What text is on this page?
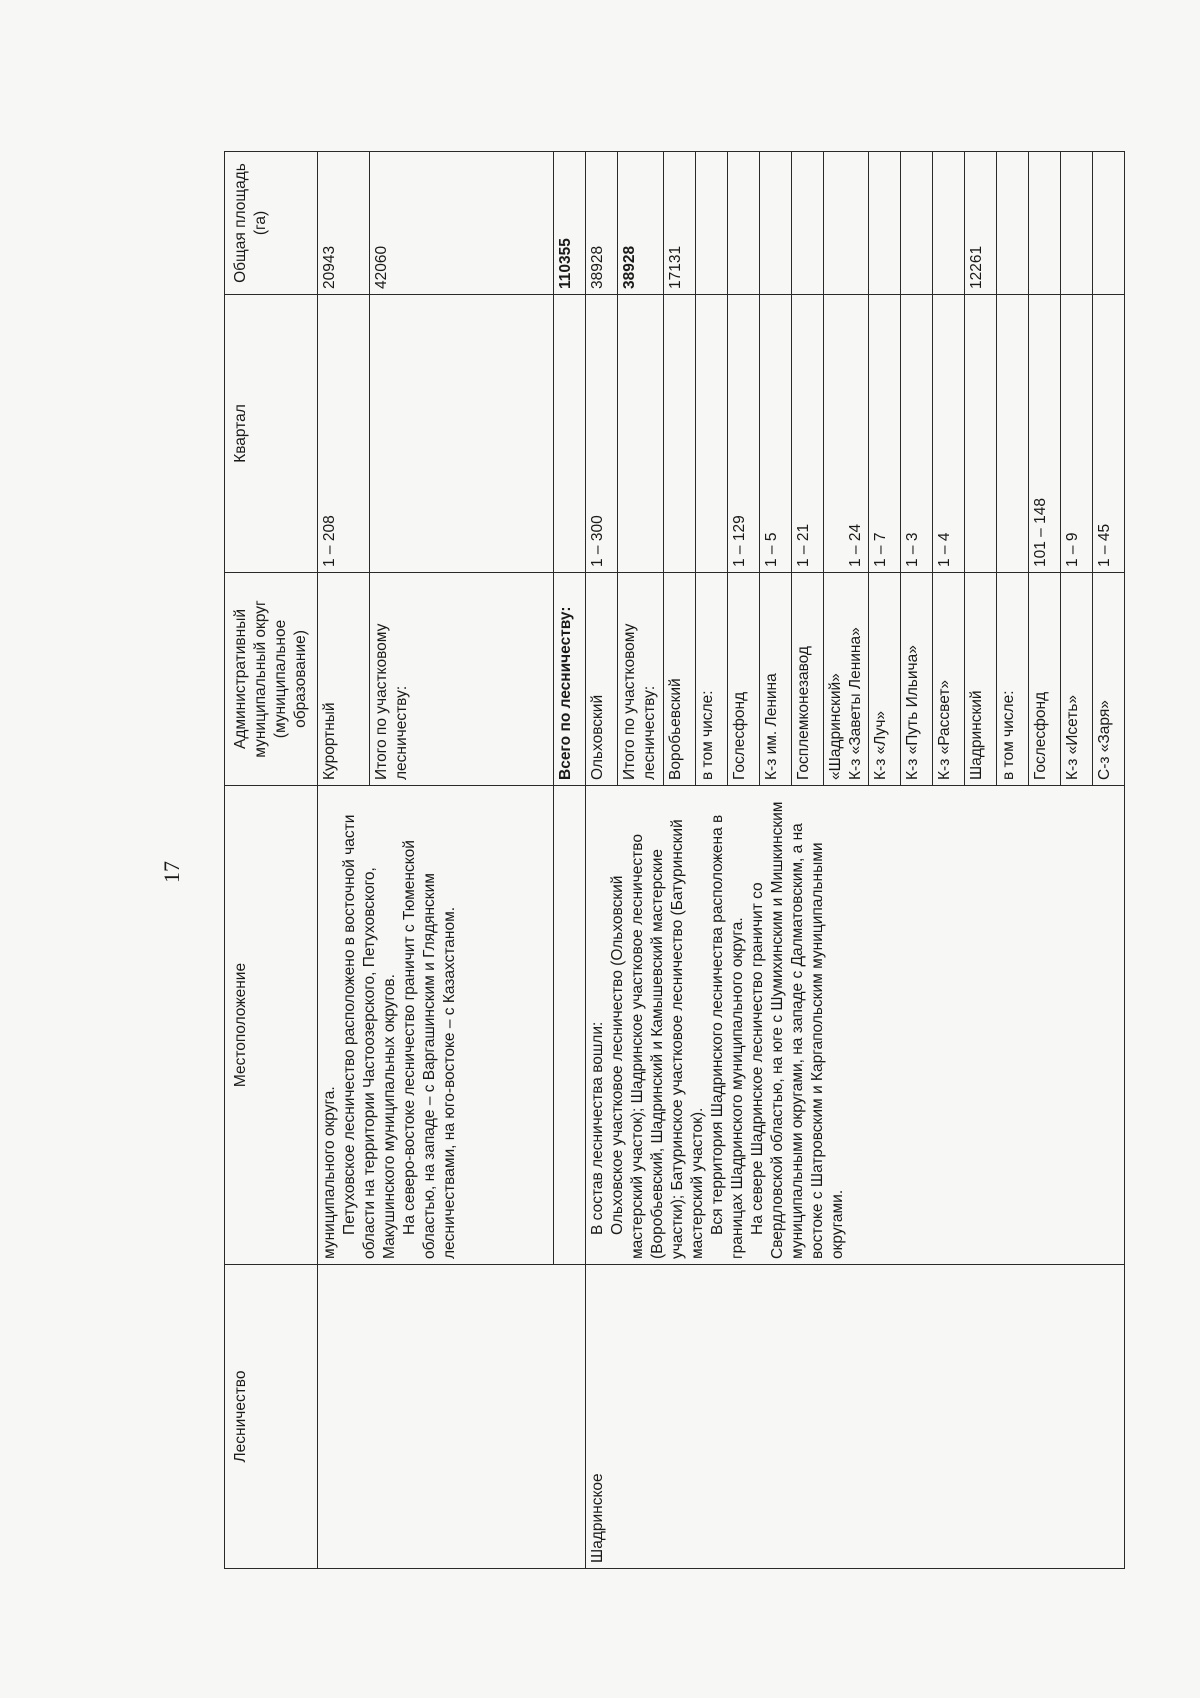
17
Лесничество	Местоположение	Административный муниципальный округ (муниципальное образование)	Квартал	Общая площадь (га)

	муниципального округа. Петуховское лесничество расположено в восточной части области на территории Частоозерского, Петуховского, Макушинского муниципальных округов. На северо-востоке лесничество граничит с Тюменской областью, на западе – с Варгашинским и Глядянским лесничествами, на юго-востоке – с Казахстаном.	Курортный	1 – 208	20943
		Итого по участковому лесничеству:		42060
		Всего по лесничеству:		110355
Шадринское	В состав лесничества вошли: Ольховское участковое лесничество (Ольховский мастерский участок); Шадринское участковое лесничество (Воробьевский, Шадринский и Камышевский мастерские участки); Батуринское участковое лесничество (Батуринский мастерский участок). Вся территория Шадринского лесничества расположена в границах Шадринского муниципального округа. На севере Шадринское лесничество граничит со Свердловской областью, на юге с Шумихинским и Мишкинским муниципальными округами, на западе с Далматовским, а на востоке с Шатровским и Каргапольским муниципальными округами.	Ольховский	1 – 300	38928
		Итого по участковому лесничеству:		38928
		Воробьевский		17131
		в том числе:		
		Гослесфонд	1 – 129	
		К-з им. Ленина	1 – 5	
		Госплемконезавод	1 – 21	

		«Шадринский» К-з «Заветы Ленина»	1 – 24	
		К-з «Луч»	1 – 7	
		К-з «Путь Ильича»	1 – 3	
		К-з «Рассвет»	1 – 4	
		Шадринский		12261
		в том числе:		
		Гослесфонд	101 – 148	
		К-з «Исеть»	1 – 9	
		С-з «Заря»	1 – 45	
